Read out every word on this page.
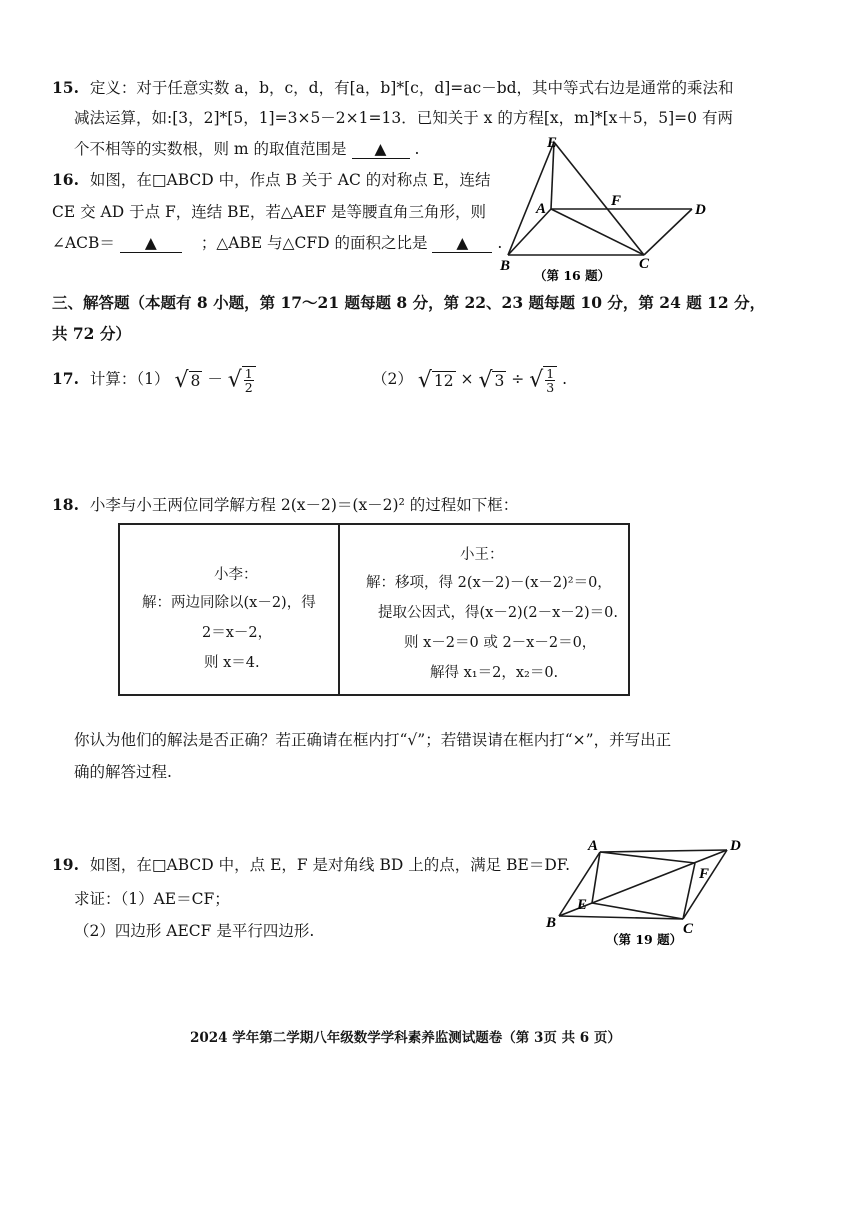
15. 定义：对于任意实数 a，b，c，d，有[a，b]*[c，d]=ac－bd，其中等式右边是通常的乘法和
减法运算，如:[3，2]*[5，1]=3×5－2×1=13．已知关于 x 的方程[x，m]*[x＋5，5]=0 有两
个不相等的实数根，则 m 的取值范围是 ▲ .
16. 如图，在□ABCD 中，作点 B 关于 AC 的对称点 E，连结
CE 交 AD 于点 F，连结 BE，若△AEF 是等腰直角三角形，则
∠ACB＝ ▲	；△ABE 与△CFD 的面积之比是 ▲ .
E
A	F
D
B	C
（第 16 题）
三、解答题（本题有 8 小题，第 17～21 题每题 8 分，第 22、23 题每题 10 分，第 24 题 12 分，
共 72 分）
17. 计算：（1） √ 8 － √ $\frac{1}{2}$	（2） √ 12 × √ 3 ÷ √ $\frac{1}{3}$ .
18. 小李与小王两位同学解方程 2(x－2)＝(x－2)² 的过程如下框：
小李：
解：两边同除以(x－2)，得
2＝x－2，
则 x＝4.
小王：
解：移项，得 2(x－2)－(x－2)²＝0，
提取公因式，得(x－2)(2－x－2)＝0.
则 x－2＝0 或 2－x－2＝0，
解得 x₁＝2，x₂＝0.
你认为他们的解法是否正确？若正确请在框内打“√”；若错误请在框内打“×”，并写出正
确的解答过程.
19. 如图，在□ABCD 中，点 E，F 是对角线 BD 上的点，满足 BE＝DF.
求证：（1）AE＝CF；
（2）四边形 AECF 是平行四边形.
A	D
B	C
E
F
（第 19 题）
2024 学年第二学期八年级数学学科素养监测试题卷（第 3页 共 6 页）
